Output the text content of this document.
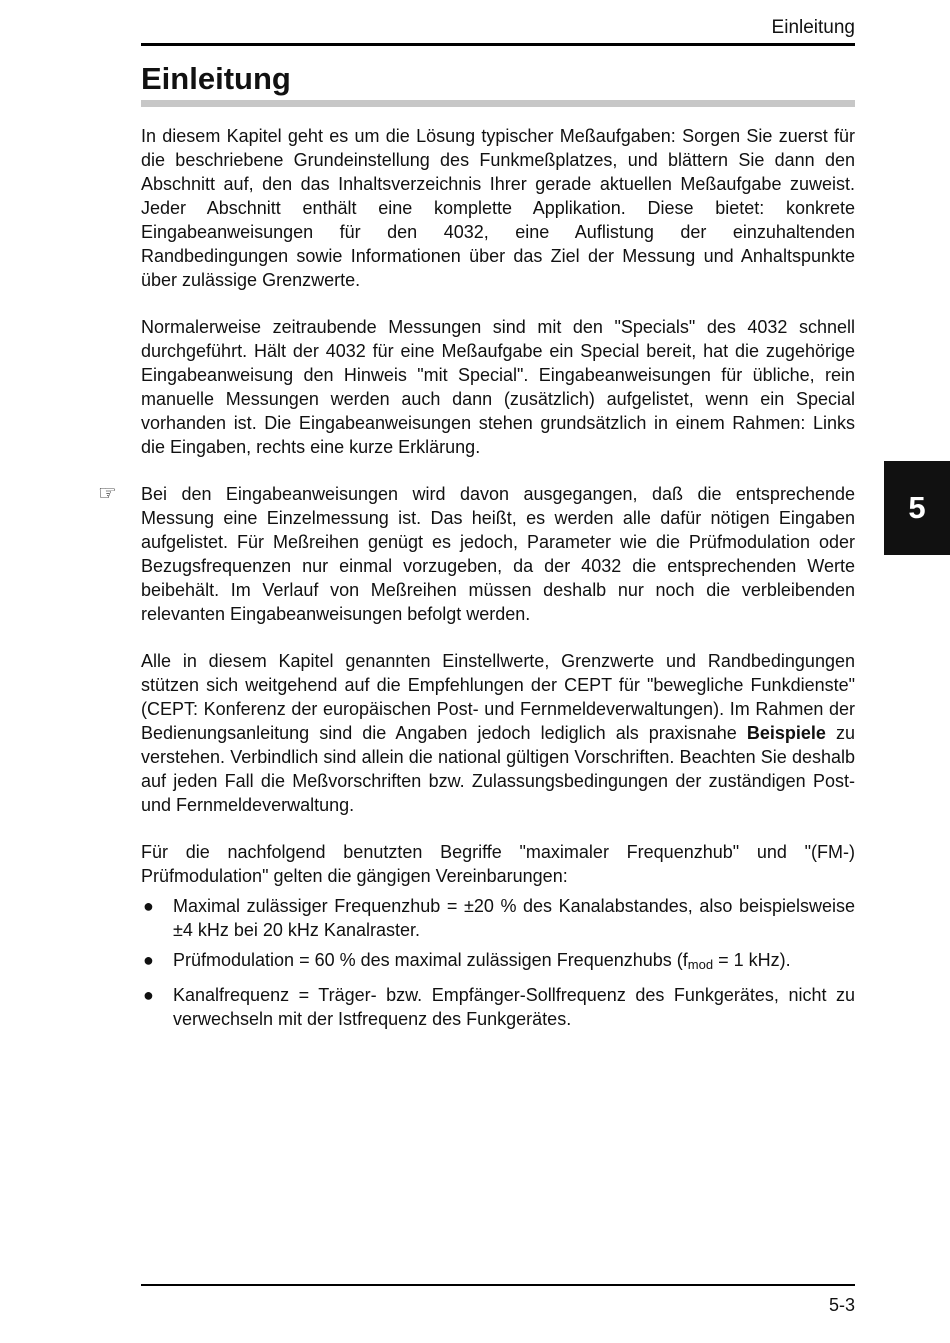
Einleitung
Einleitung
5

In diesem Kapitel geht es um die Lösung typischer Meßaufgaben: Sorgen Sie zuerst für die beschriebene Grundeinstellung des Funkmeßplatzes, und blättern Sie dann den Abschnitt auf, den das Inhaltsverzeichnis Ihrer gerade aktuellen Meßaufgabe zuweist. Jeder Abschnitt enthält eine komplette Applikation. Diese bietet: konkrete Eingabeanweisungen für den 4032, eine Auflistung der einzuhaltenden Randbedingungen sowie Informationen über das Ziel der Messung und Anhaltspunkte über zulässige Grenzwerte.

Normalerweise zeitraubende Messungen sind mit den "Specials" des 4032 schnell durchgeführt. Hält der 4032 für eine Meßaufgabe ein Special bereit, hat die zugehörige Eingabeanweisung den Hinweis "mit Special". Eingabeanweisungen für übliche, rein manuelle Messungen werden auch dann (zusätzlich) aufgelistet, wenn ein Special vorhanden ist. Die Eingabeanweisungen stehen grundsätzlich in einem Rahmen: Links die Eingaben, rechts eine kurze Erklärung.

☞ Bei den Eingabeanweisungen wird davon ausgegangen, daß die entsprechende Messung eine Einzelmessung ist. Das heißt, es werden alle dafür nötigen Eingaben aufgelistet. Für Meßreihen genügt es jedoch, Parameter wie die Prüfmodulation oder Bezugsfrequenzen nur einmal vorzugeben, da der 4032 die entsprechenden Werte beibehält. Im Verlauf von Meßreihen müssen deshalb nur noch die verbleibenden relevanten Eingabeanweisungen befolgt werden.

Alle in diesem Kapitel genannten Einstellwerte, Grenzwerte und Randbedingungen stützen sich weitgehend auf die Empfehlungen der CEPT für "bewegliche Funkdienste" (CEPT: Konferenz der europäischen Post- und Fernmeldeverwaltungen). Im Rahmen der Bedienungsanleitung sind die Angaben jedoch lediglich als praxisnahe Beispiele zu verstehen. Verbindlich sind allein die national gültigen Vorschriften. Beachten Sie deshalb auf jeden Fall die Meßvorschriften bzw. Zulassungsbedingungen der zuständigen Post- und Fernmeldeverwaltung.

Für die nachfolgend benutzten Begriffe "maximaler Frequenzhub" und "(FM-) Prüfmodulation" gelten die gängigen Vereinbarungen:

● Maximal zulässiger Frequenzhub = ±20 % des Kanalabstandes, also beispielsweise ±4 kHz bei 20 kHz Kanalraster.
● Prüfmodulation = 60 % des maximal zulässigen Frequenzhubs ($f_{mod} = 1$ kHz).
● Kanalfrequenz = Träger- bzw. Empfänger-Sollfrequenz des Funkgerätes, nicht zu verwechseln mit der Istfrequenz des Funkgerätes.
5-3
